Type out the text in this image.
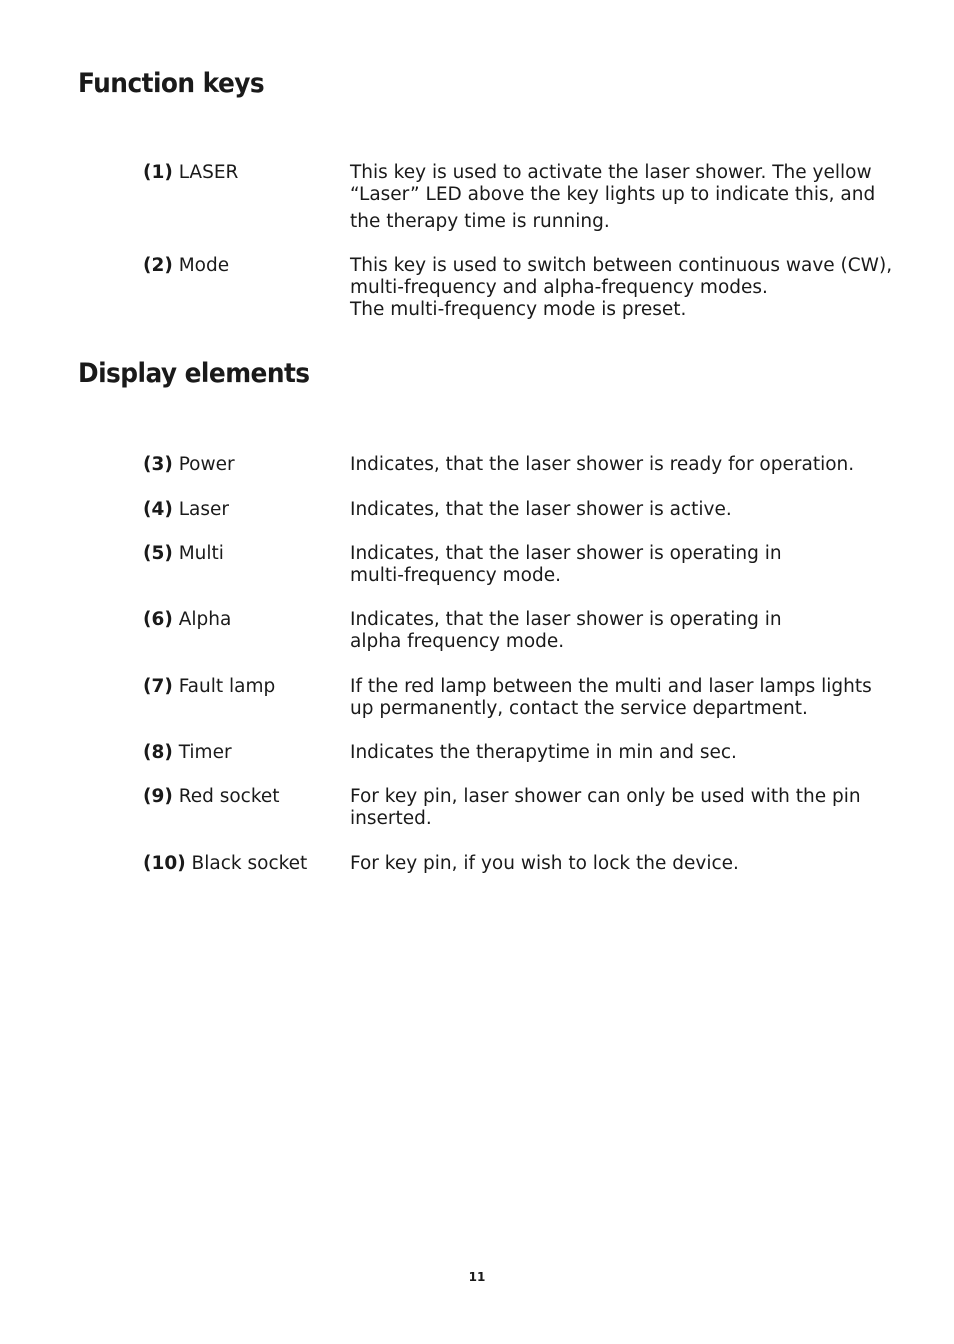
Function keys
(1) LASER	This key is used to activate the laser shower. The yellow
“Laser” LED above the key lights up to indicate this, and
the therapy time is running.
(2) Mode	This key is used to switch between continuous wave (CW),
multi-frequency and alpha-frequency modes.
The multi-frequency mode is preset.
Display elements
(3) Power	Indicates, that the laser shower is ready for operation.
(4) Laser	Indicates, that the laser shower is active.
(5) Multi	Indicates, that the laser shower is operating in
multi-frequency mode.
(6) Alpha	Indicates, that the laser shower is operating in
alpha frequency mode.
(7) Fault lamp	If the red lamp between the multi and laser lamps lights
up permanently, contact the service department.
(8) Timer	Indicates the therapytime in min and sec.
(9) Red socket	For key pin, laser shower can only be used with the pin
inserted.
(10) Black socket	For key pin, if you wish to lock the device.
11
